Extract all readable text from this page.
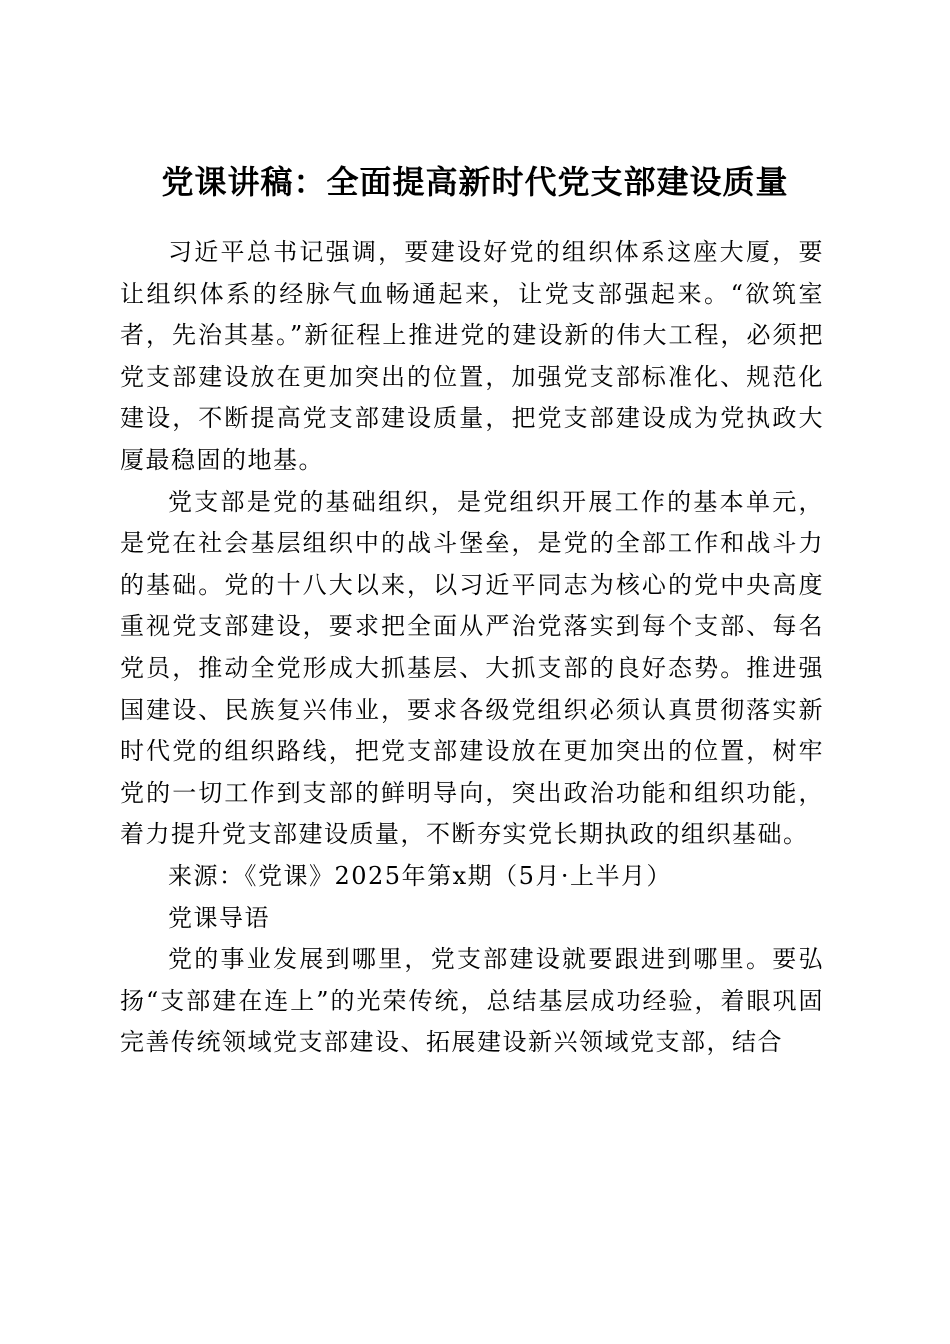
党课讲稿：全面提高新时代党支部建设质量

习近平总书记强调，要建设好党的组织体系这座大厦，要让组织体系的经脉气血畅通起来，让党支部强起来。“欲筑室者，先治其基。”新征程上推进党的建设新的伟大工程，必须把党支部建设放在更加突出的位置，加强党支部标准化、规范化建设，不断提高党支部建设质量，把党支部建设成为党执政大厦最稳固的地基。

党支部是党的基础组织，是党组织开展工作的基本单元，是党在社会基层组织中的战斗堡垒，是党的全部工作和战斗力的基础。党的十八大以来，以习近平同志为核心的党中央高度重视党支部建设，要求把全面从严治党落实到每个支部、每名党员，推动全党形成大抓基层、大抓支部的良好态势。推进强国建设、民族复兴伟业，要求各级党组织必须认真贯彻落实新时代党的组织路线，把党支部建设放在更加突出的位置，树牢党的一切工作到支部的鲜明导向，突出政治功能和组织功能，着力提升党支部建设质量，不断夯实党长期执政的组织基础。

来源：《党课》2025年第x期（5月·上半月）

党课导语

党的事业发展到哪里，党支部建设就要跟进到哪里。要弘扬“支部建在连上”的光荣传统，总结基层成功经验，着眼巩固完善传统领域党支部建设、拓展建设新兴领域党支部，结合
